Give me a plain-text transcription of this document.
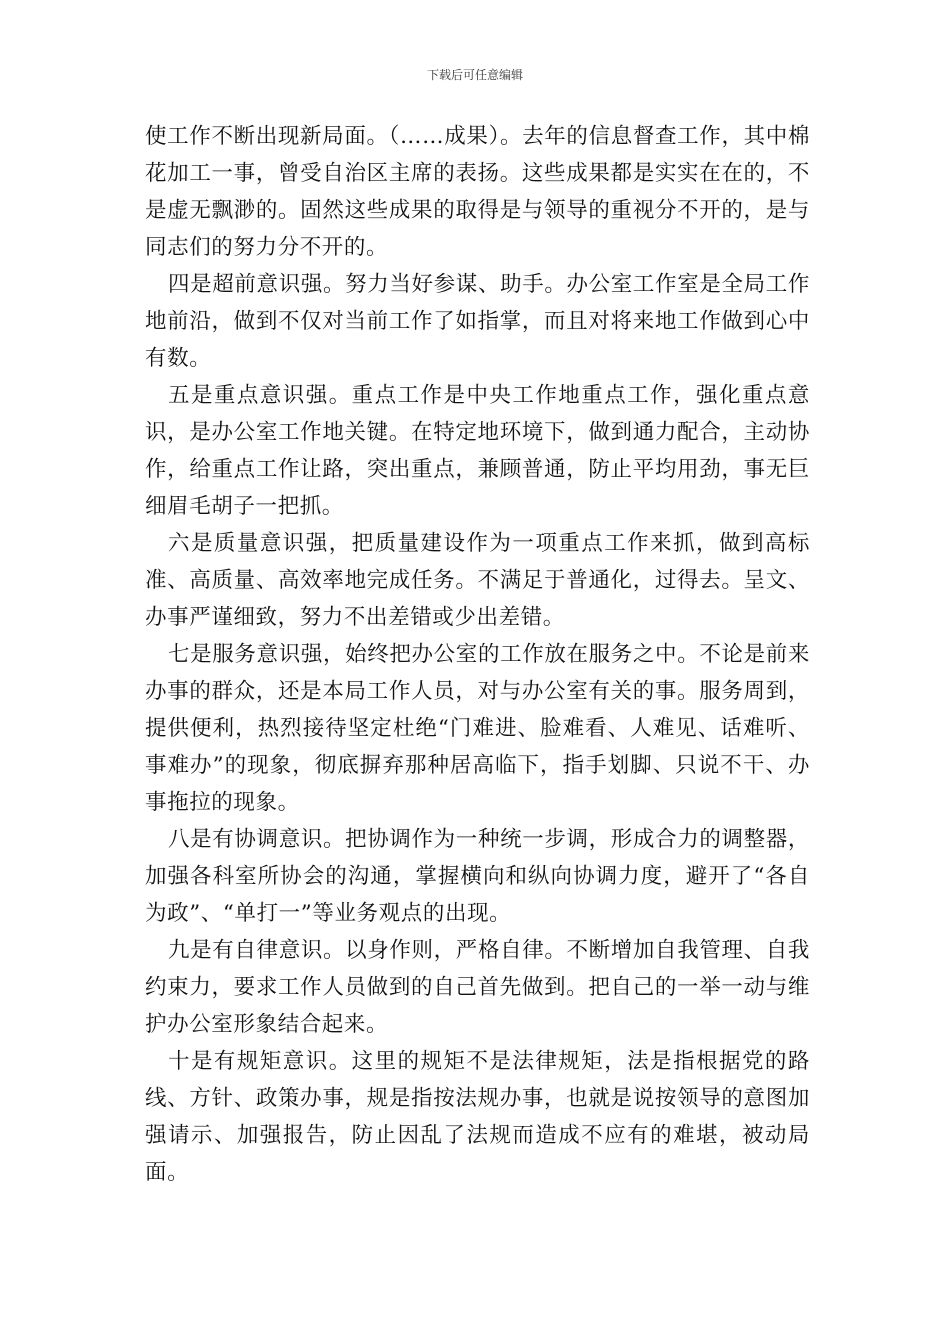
下载后可任意编辑

使工作不断出现新局面。（……成果）。去年的信息督查工作，其中棉花加工一事，曾受自治区主席的表扬。这些成果都是实实在在的，不是虚无飘渺的。固然这些成果的取得是与领导的重视分不开的，是与同志们的努力分不开的。

四是超前意识强。努力当好参谋、助手。办公室工作室是全局工作地前沿，做到不仅对当前工作了如指掌，而且对将来地工作做到心中有数。

五是重点意识强。重点工作是中央工作地重点工作，强化重点意识，是办公室工作地关键。在特定地环境下，做到通力配合，主动协作，给重点工作让路，突出重点，兼顾普通，防止平均用劲，事无巨细眉毛胡子一把抓。

六是质量意识强，把质量建设作为一项重点工作来抓，做到高标准、高质量、高效率地完成任务。不满足于普通化，过得去。呈文、办事严谨细致，努力不出差错或少出差错。

七是服务意识强，始终把办公室的工作放在服务之中。不论是前来办事的群众，还是本局工作人员，对与办公室有关的事。服务周到，提供便利，热烈接待坚定杜绝“门难进、脸难看、人难见、话难听、事难办”的现象，彻底摒弃那种居高临下，指手划脚、只说不干、办事拖拉的现象。

八是有协调意识。把协调作为一种统一步调，形成合力的调整器，加强各科室所协会的沟通，掌握横向和纵向协调力度，避开了“各自为政”、“单打一”等业务观点的出现。

九是有自律意识。以身作则，严格自律。不断增加自我管理、自我约束力，要求工作人员做到的自己首先做到。把自己的一举一动与维护办公室形象结合起来。

十是有规矩意识。这里的规矩不是法律规矩，法是指根据党的路线、方针、政策办事，规是指按法规办事，也就是说按领导的意图加强请示、加强报告，防止因乱了法规而造成不应有的难堪，被动局面。
